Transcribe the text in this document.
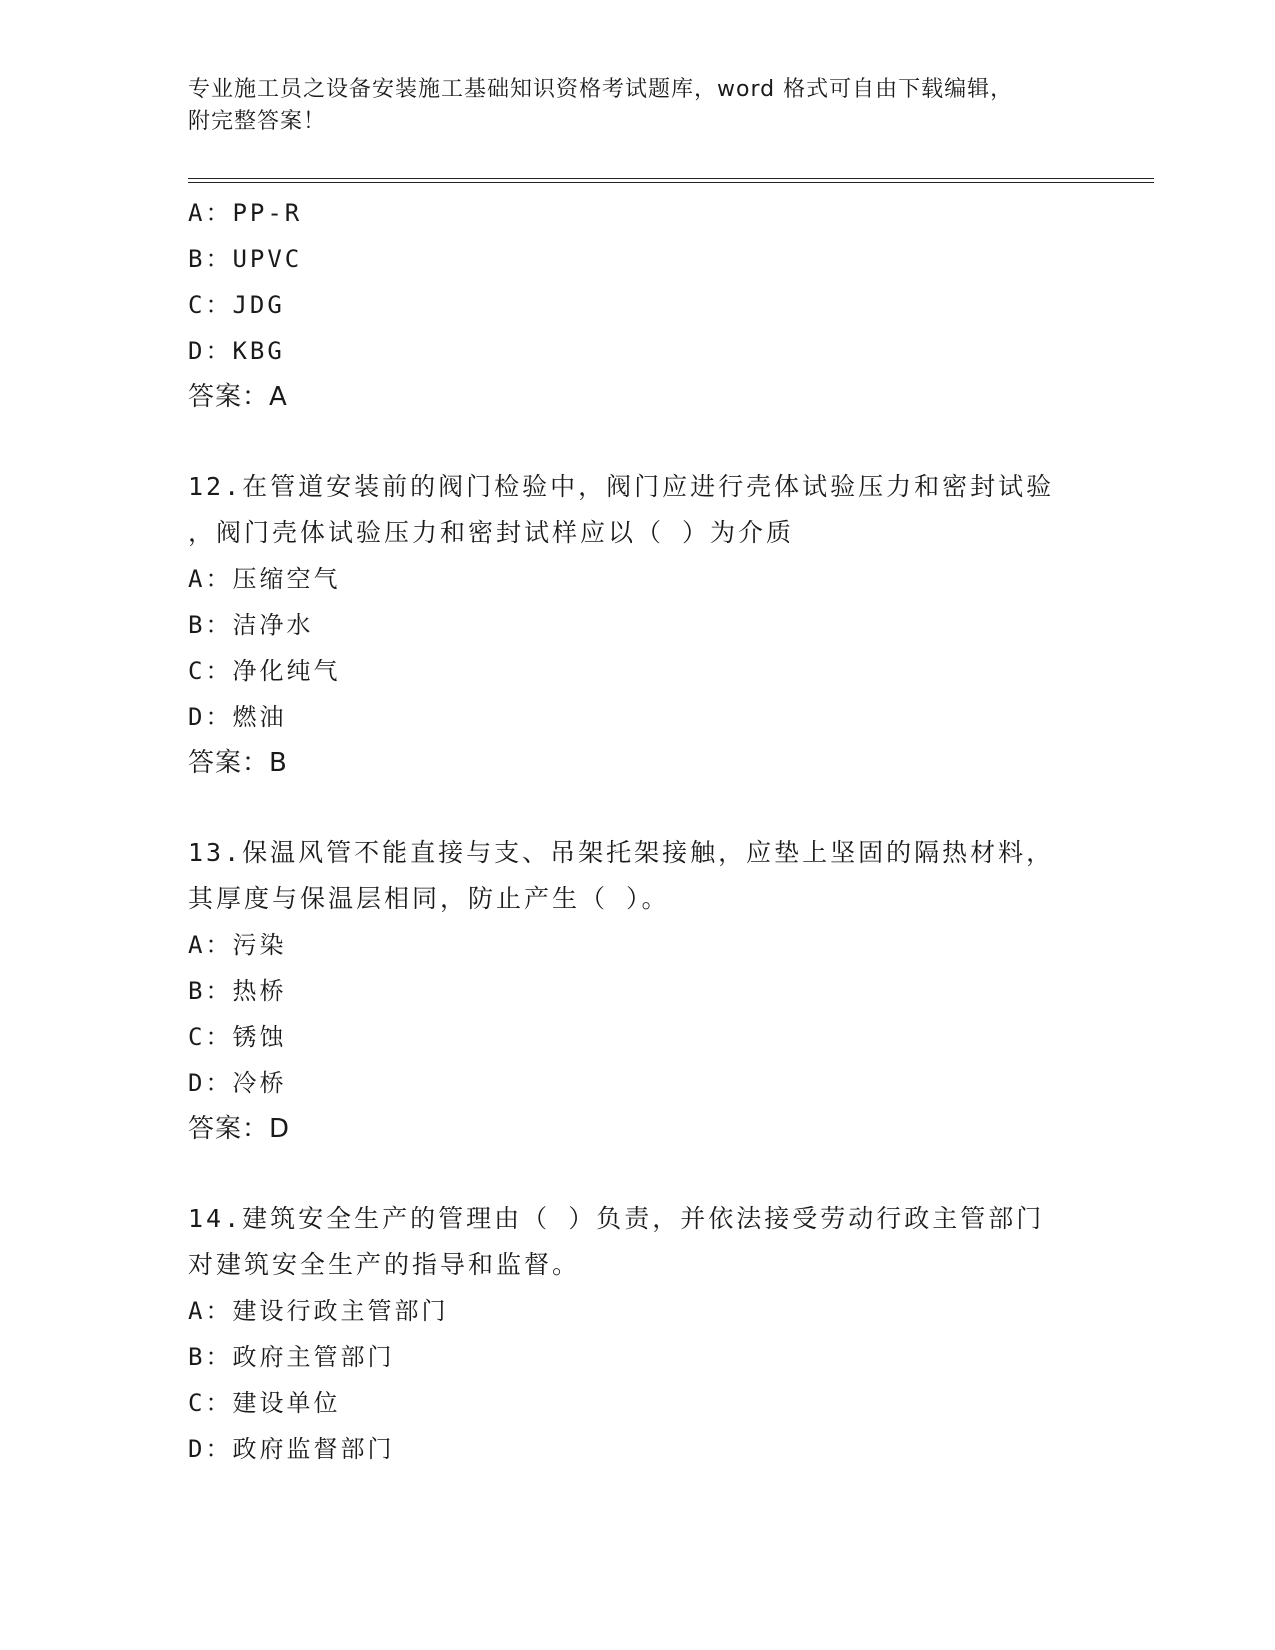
专业施工员之设备安装施工基础知识资格考试题库，word 格式可自由下载编辑，
附完整答案！
A：PP-R
B：UPVC
C：JDG
D：KBG
答案：A
12.在管道安装前的阀门检验中，阀门应进行壳体试验压力和密封试验
，阀门壳体试验压力和密封试样应以（ ）为介质
A：压缩空气
B：洁净水
C：净化纯气
D：燃油
答案：B
13.保温风管不能直接与支、吊架托架接触，应垫上坚固的隔热材料，
其厚度与保温层相同，防止产生（ ）。
A：污染
B：热桥
C：锈蚀
D：冷桥
答案：D
14.建筑安全生产的管理由（ ）负责，并依法接受劳动行政主管部门
对建筑安全生产的指导和监督。
A：建设行政主管部门
B：政府主管部门
C：建设单位
D：政府监督部门
